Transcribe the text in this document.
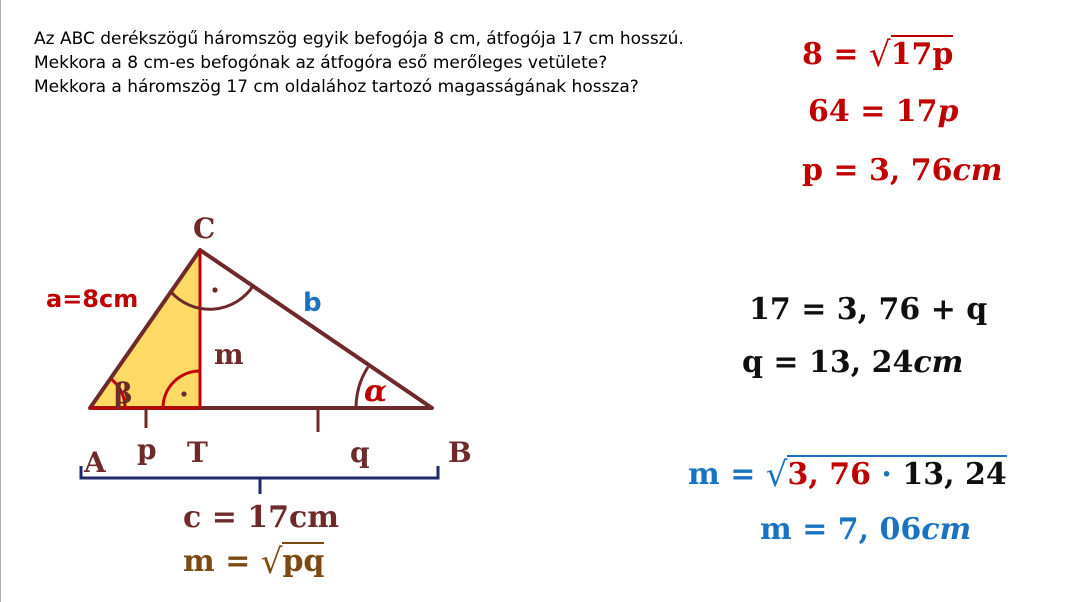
Az ABC derékszögű háromszög egyik befogója 8 cm, átfogója 17 cm hosszú.
Mekkora a 8 cm-es befogónak az átfogóra eső merőleges vetülete?
Mekkora a háromszög 17 cm oldalához tartozó magasságának hossza?
C
A	B
T
a=8cm	b
m
p	q
α
β
c = 17cm
m = √pq
8 = √17p
64 = 17p
p = 3, 76cm
17 = 3, 76 + q
q = 13, 24cm
m = √3, 76 · 13, 24
m = 7, 06cm
